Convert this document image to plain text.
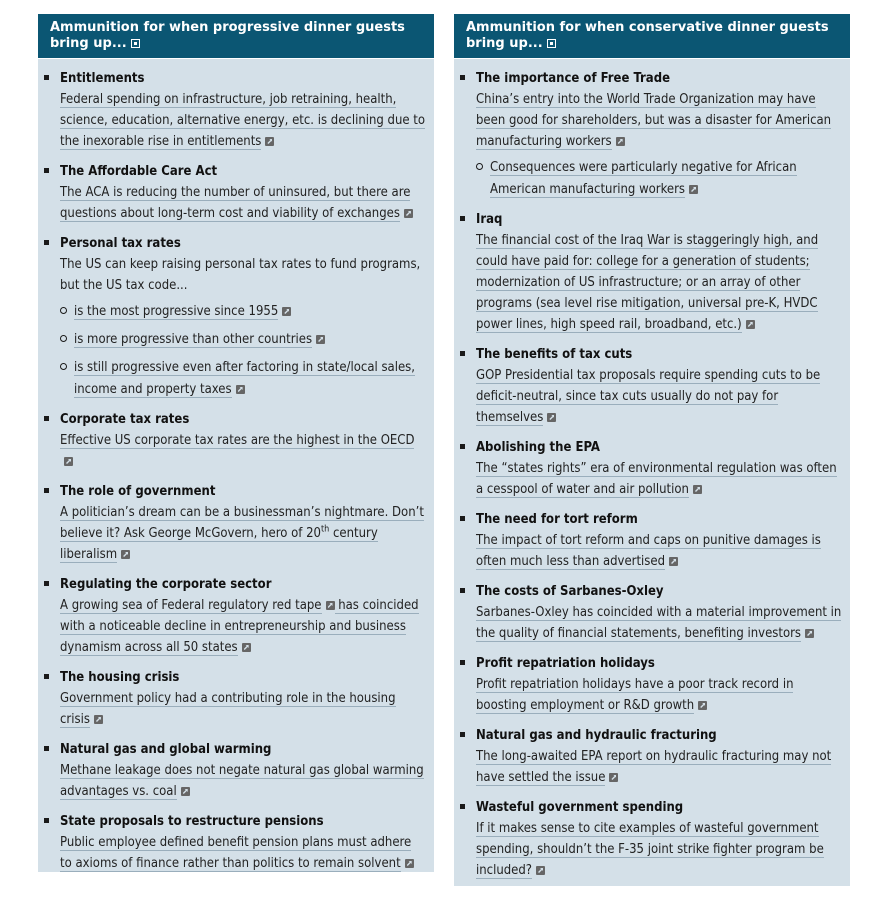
Ammunition for when progressive dinner guests bring up...
Entitlements
Federal spending on infrastructure, job retraining, health, science, education, alternative energy, etc. is declining due to the inexorable rise in entitlements
The Affordable Care Act
The ACA is reducing the number of uninsured, but there are questions about long-term cost and viability of exchanges
Personal tax rates
The US can keep raising personal tax rates to fund programs, but the US tax code...
is the most progressive since 1955
is more progressive than other countries
is still progressive even after factoring in state/local sales, income and property taxes
Corporate tax rates
Effective US corporate tax rates are the highest in the OECD
The role of government
A politician’s dream can be a businessman’s nightmare. Don’t believe it? Ask George McGovern, hero of 20th century liberalism
Regulating the corporate sector
A growing sea of Federal regulatory red tape has coincided with a noticeable decline in entrepreneurship and business dynamism across all 50 states
The housing crisis
Government policy had a contributing role in the housing crisis
Natural gas and global warming
Methane leakage does not negate natural gas global warming advantages vs. coal
State proposals to restructure pensions
Public employee defined benefit pension plans must adhere to axioms of finance rather than politics to remain solvent
Ammunition for when conservative dinner guests bring up...
The importance of Free Trade
China’s entry into the World Trade Organization may have been good for shareholders, but was a disaster for American manufacturing workers
Consequences were particularly negative for African American manufacturing workers
Iraq
The financial cost of the Iraq War is staggeringly high, and could have paid for: college for a generation of students; modernization of US infrastructure; or an array of other programs (sea level rise mitigation, universal pre-K, HVDC power lines, high speed rail, broadband, etc.)
The benefits of tax cuts
GOP Presidential tax proposals require spending cuts to be deficit-neutral, since tax cuts usually do not pay for themselves
Abolishing the EPA
The “states rights” era of environmental regulation was often a cesspool of water and air pollution
The need for tort reform
The impact of tort reform and caps on punitive damages is often much less than advertised
The costs of Sarbanes-Oxley
Sarbanes-Oxley has coincided with a material improvement in the quality of financial statements, benefiting investors
Profit repatriation holidays
Profit repatriation holidays have a poor track record in boosting employment or R&D growth
Natural gas and hydraulic fracturing
The long-awaited EPA report on hydraulic fracturing may not have settled the issue
Wasteful government spending
If it makes sense to cite examples of wasteful government spending, shouldn’t the F-35 joint strike fighter program be included?
